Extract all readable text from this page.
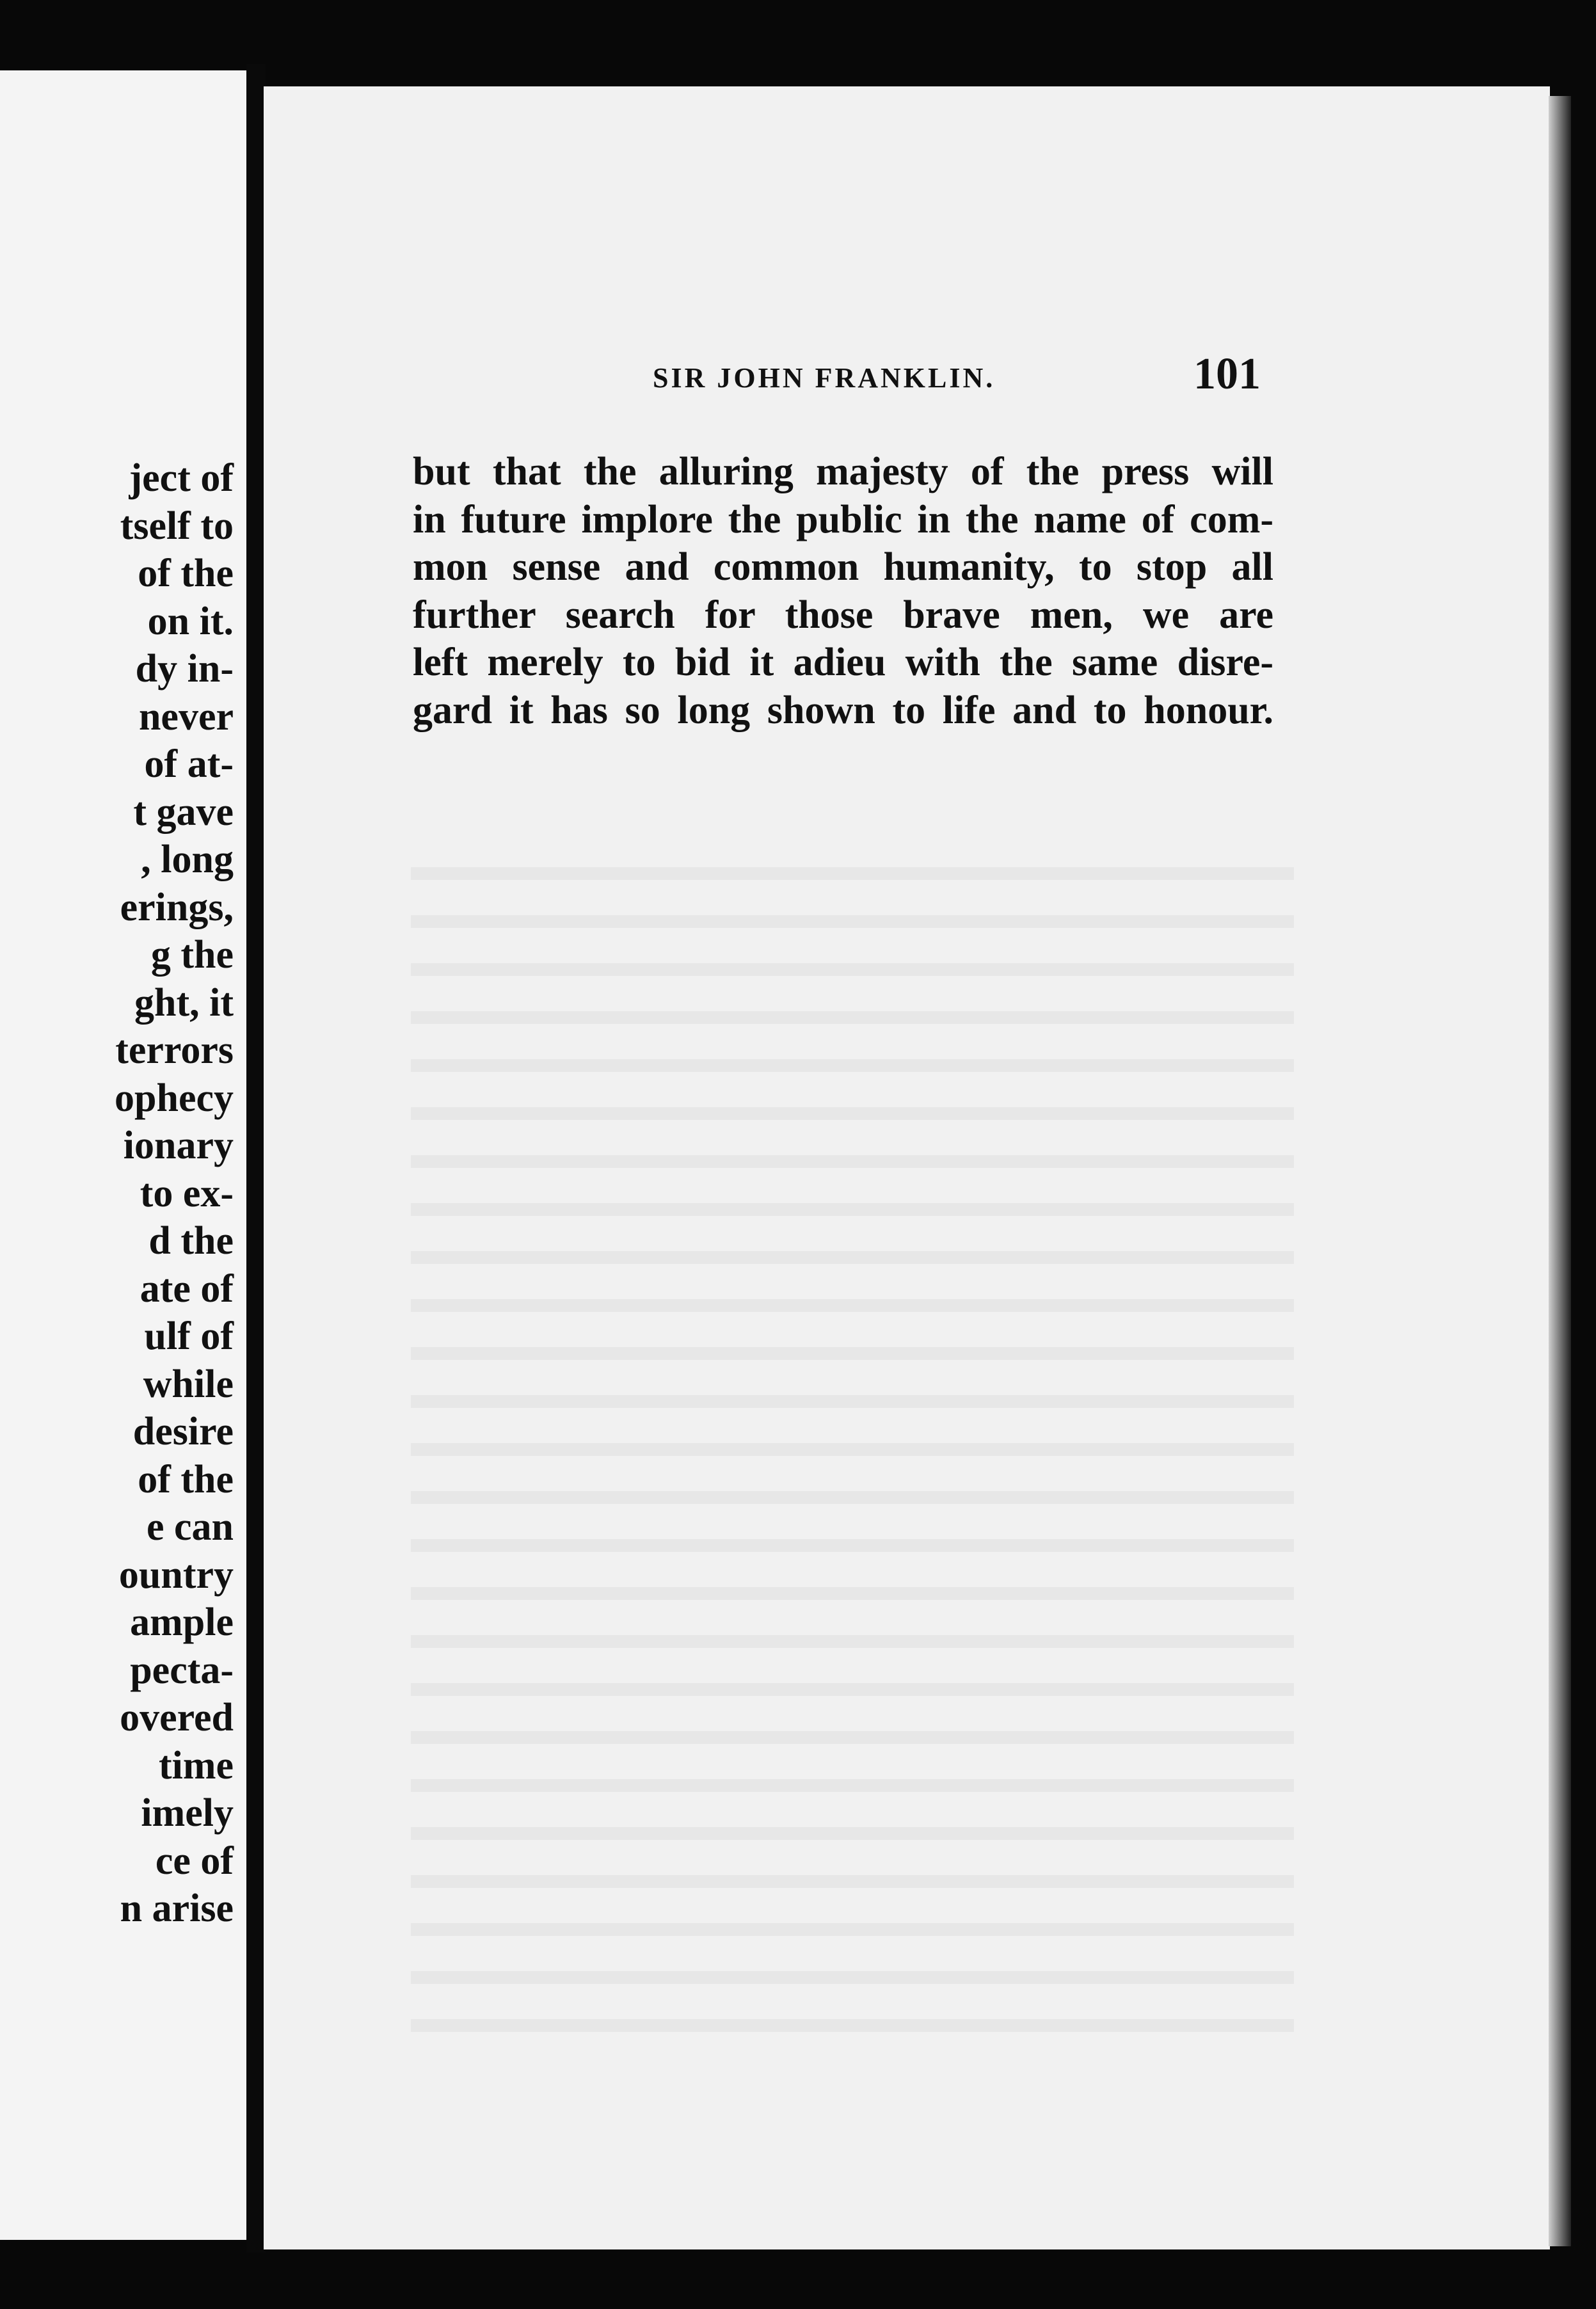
ject of
tself to
of the
on it.
dy in-
never
of at-
t gave
, long
erings,
g the
ght, it
terrors
ophecy
ionary
to ex-
d the
ate of
ulf of
while
desire
of the
e can
ountry
ample
pecta-
overed
time
imely
ce of
n arise
SIR JOHN FRANKLIN.	101
but that the alluring majesty of the press will
in future implore the public in the name of com-
mon sense and common humanity, to stop all
further search for those brave men, we are
left merely to bid it adieu with the same disre-
gard it has so long shown to life and to honour.
